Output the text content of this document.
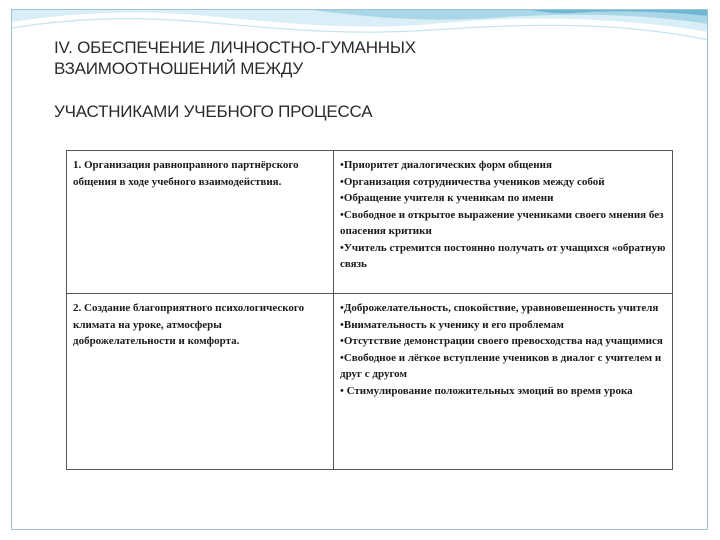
IV. ОБЕСПЕЧЕНИЕ ЛИЧНОСТНО-ГУМАННЫХ
ВЗАИМООТНОШЕНИЙ МЕЖДУ
УЧАСТНИКАМИ УЧЕБНОГО ПРОЦЕССА
1. Организация равноправного партнёрского общения в ходе учебного взаимодействия.	•Приоритет диалогических форм общения
•Организация сотрудничества учеников между собой
•Обращение учителя к ученикам по имени
•Свободное и открытое выражение учениками своего мнения без опасения критики
•Учитель стремится постоянно получать от учащихся «обратную связь

2. Создание благоприятного психологического климата на уроке, атмосферы доброжелательности и комфорта.	•Доброжелательность, спокойствие, уравновешенность учителя
•Внимательность к ученику и его проблемам
•Отсутствие демонстрации своего превосходства над учащимися
•Свободное и лёгкое вступление учеников в диалог с учителем и друг с другом
• Стимулирование положительных эмоций во время урока
